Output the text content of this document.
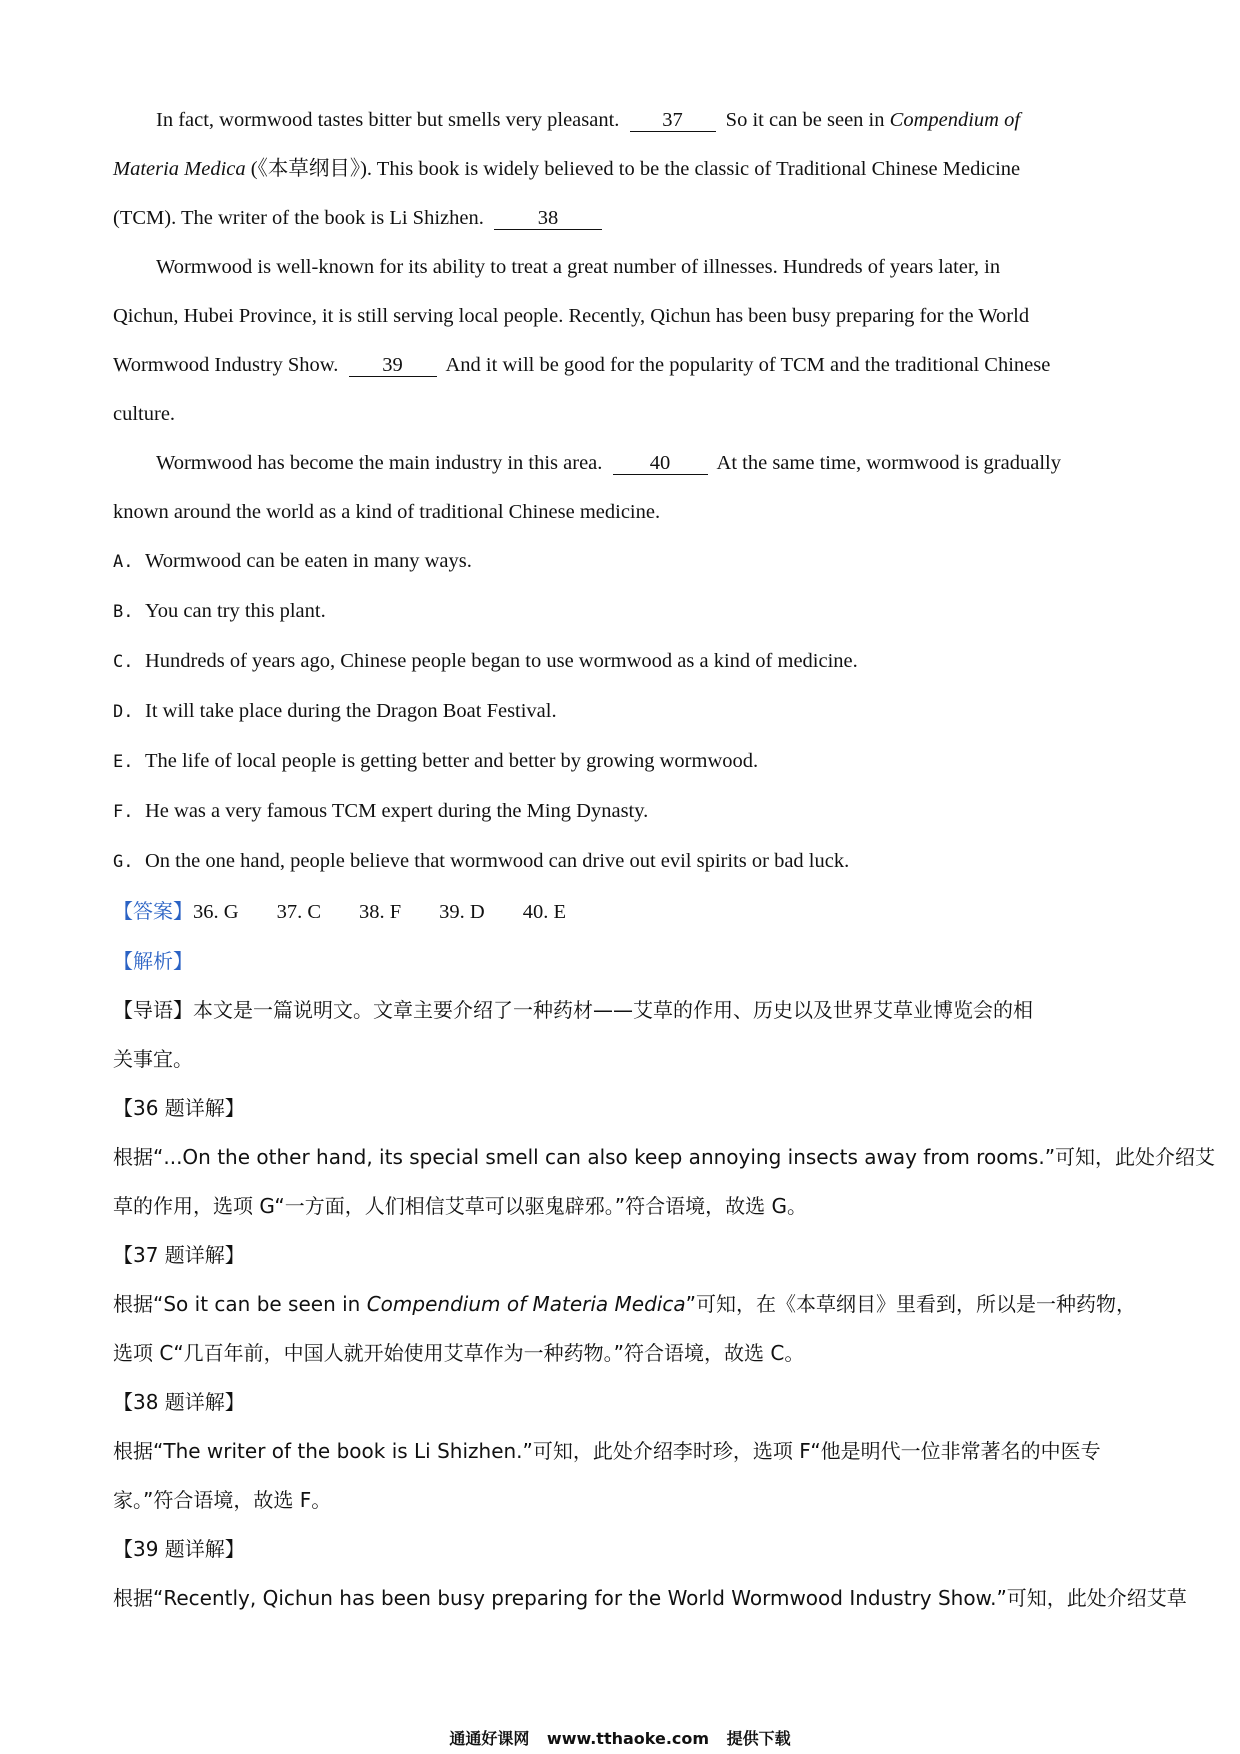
In fact, wormwood tastes bitter but smells very pleasant. 37 So it can be seen in Compendium of
Materia Medica (《本草纲目》). This book is widely believed to be the classic of Traditional Chinese Medicine
(TCM). The writer of the book is Li Shizhen.	38
Wormwood is well-known for its ability to treat a great number of illnesses. Hundreds of years later, in
Qichun, Hubei Province, it is still serving local people. Recently, Qichun has been busy preparing for the World
Wormwood Industry Show. 39 And it will be good for the popularity of TCM and the traditional Chinese
culture.
Wormwood has become the main industry in this area. 40 At the same time, wormwood is gradually
known around the world as a kind of traditional Chinese medicine.
A. Wormwood can be eaten in many ways.
B. You can try this plant.
C. Hundreds of years ago, Chinese people began to use wormwood as a kind of medicine.
D. It will take place during the Dragon Boat Festival.
E. The life of local people is getting better and better by growing wormwood.
F. He was a very famous TCM expert during the Ming Dynasty.
G. On the one hand, people believe that wormwood can drive out evil spirits or bad luck.
【答案】36. G 37. C 38. F 39. D 40. E
【解析】
【导语】本文是一篇说明文。文章主要介绍了一种药材——艾草的作用、历史以及世界艾草业博览会的相
关事宜。
【36 题详解】
根据“...On the other hand, its special smell can also keep annoying insects away from rooms.”可知，此处介绍艾
草的作用，选项 G“一方面，人们相信艾草可以驱鬼辟邪。”符合语境，故选 G。
【37 题详解】
根据“So it can be seen in Compendium of Materia Medica”可知，在《本草纲目》里看到，所以是一种药物，
选项 C“几百年前，中国人就开始使用艾草作为一种药物。”符合语境，故选 C。
【38 题详解】
根据“The writer of the book is Li Shizhen.”可知，此处介绍李时珍，选项 F“他是明代一位非常著名的中医专
家。”符合语境，故选 F。
【39 题详解】
根据“Recently, Qichun has been busy preparing for the World Wormwood Industry Show.”可知，此处介绍艾草
通通好课网 www.tthaoke.com 提供下载
